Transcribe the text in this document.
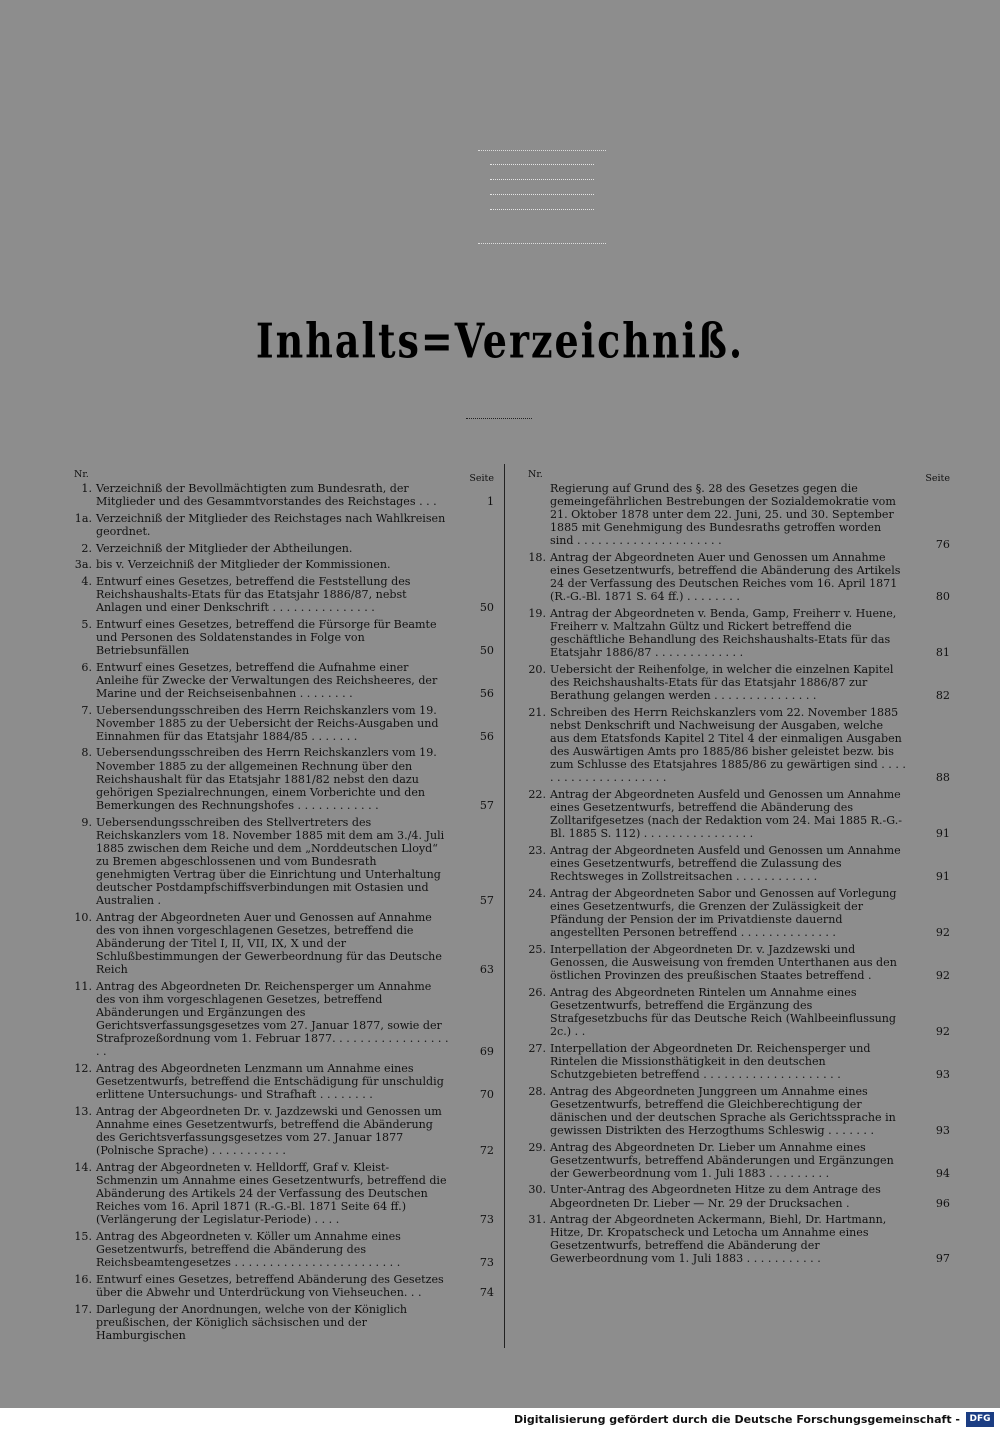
Inhalts=Verzeichniß.
Nr.	Seite
1. Verzeichniß der Bevollmächtigten zum Bundesrath, der Mitglieder und des Gesammtvorstandes des Reichstages . . .	1
1a. Verzeichniß der Mitglieder des Reichstages nach Wahlkreisen geordnet.
2. Verzeichniß der Mitglieder der Abtheilungen.
3a. bis v. Verzeichniß der Mitglieder der Kommissionen.
4. Entwurf eines Gesetzes, betreffend die Feststellung des Reichshaushalts-Etats für das Etatsjahr 1886/87, nebst Anlagen und einer Denkschrift . . . . . . . . . . . . . . .	50
5. Entwurf eines Gesetzes, betreffend die Fürsorge für Beamte und Personen des Soldatenstandes in Folge von Betriebsunfällen	50
6. Entwurf eines Gesetzes, betreffend die Aufnahme einer Anleihe für Zwecke der Verwaltungen des Reichsheeres, der Marine und der Reichseisenbahnen . . . . . . . .	56
7. Uebersendungsschreiben des Herrn Reichskanzlers vom 19. November 1885 zu der Uebersicht der Reichs-Ausgaben und Einnahmen für das Etatsjahr 1884/85 . . . . . . .	56
8. Uebersendungsschreiben des Herrn Reichskanzlers vom 19. November 1885 zu der allgemeinen Rechnung über den Reichshaushalt für das Etatsjahr 1881/82 nebst den dazu gehörigen Spezialrechnungen, einem Vorberichte und den Bemerkungen des Rechnungshofes . . . . . . . . . . . .	57
9. Uebersendungsschreiben des Stellvertreters des Reichskanzlers vom 18. November 1885 mit dem am 3./4. Juli 1885 zwischen dem Reiche und dem „Norddeutschen Lloyd“ zu Bremen abgeschlossenen und vom Bundesrath genehmigten Vertrag über die Einrichtung und Unterhaltung deutscher Postdampfschiffsverbindungen mit Ostasien und Australien .	57
10. Antrag der Abgeordneten Auer und Genossen auf Annahme des von ihnen vorgeschlagenen Gesetzes, betreffend die Abänderung der Titel I, II, VII, IX, X und der Schlußbestimmungen der Gewerbeordnung für das Deutsche Reich	63
11. Antrag des Abgeordneten Dr. Reichensperger um Annahme des von ihm vorgeschlagenen Gesetzes, betreffend Abänderungen und Ergänzungen des Gerichtsverfassungsgesetzes vom 27. Januar 1877, sowie der Strafprozeßordnung vom 1. Februar 1877. . . . . . . . . . . . . . . . . . .	69
12. Antrag des Abgeordneten Lenzmann um Annahme eines Gesetzentwurfs, betreffend die Entschädigung für unschuldig erlittene Untersuchungs- und Strafhaft . . . . . . . .	70
13. Antrag der Abgeordneten Dr. v. Jazdzewski und Genossen um Annahme eines Gesetzentwurfs, betreffend die Abänderung des Gerichtsverfassungsgesetzes vom 27. Januar 1877 (Polnische Sprache) . . . . . . . . . . .	72
14. Antrag der Abgeordneten v. Helldorff, Graf v. Kleist-Schmenzin um Annahme eines Gesetzentwurfs, betreffend die Abänderung des Artikels 24 der Verfassung des Deutschen Reiches vom 16. April 1871 (R.-G.-Bl. 1871 Seite 64 ff.) (Verlängerung der Legislatur-Periode) . . . .	73
15. Antrag des Abgeordneten v. Köller um Annahme eines Gesetzentwurfs, betreffend die Abänderung des Reichsbeamtengesetzes . . . . . . . . . . . . . . . . . . . . . . . .	73
16. Entwurf eines Gesetzes, betreffend Abänderung des Gesetzes über die Abwehr und Unterdrückung von Viehseuchen. . .	74
17. Darlegung der Anordnungen, welche von der Königlich preußischen, der Königlich sächsischen und der Hamburgischen
Nr.	Seite
Regierung auf Grund des §. 28 des Gesetzes gegen die gemeingefährlichen Bestrebungen der Sozialdemokratie vom 21. Oktober 1878 unter dem 22. Juni, 25. und 30. September 1885 mit Genehmigung des Bundesraths getroffen worden sind . . . . . . . . . . . . . . . . . . . . .	76
18. Antrag der Abgeordneten Auer und Genossen um Annahme eines Gesetzentwurfs, betreffend die Abänderung des Artikels 24 der Verfassung des Deutschen Reiches vom 16. April 1871 (R.-G.-Bl. 1871 S. 64 ff.) . . . . . . . .	80
19. Antrag der Abgeordneten v. Benda, Gamp, Freiherr v. Huene, Freiherr v. Maltzahn Gültz und Rickert betreffend die geschäftliche Behandlung des Reichshaushalts-Etats für das Etatsjahr 1886/87 . . . . . . . . . . . . .	81
20. Uebersicht der Reihenfolge, in welcher die einzelnen Kapitel des Reichshaushalts-Etats für das Etatsjahr 1886/87 zur Berathung gelangen werden . . . . . . . . . . . . . . .	82
21. Schreiben des Herrn Reichskanzlers vom 22. November 1885 nebst Denkschrift und Nachweisung der Ausgaben, welche aus dem Etatsfonds Kapitel 2 Titel 4 der einmaligen Ausgaben des Auswärtigen Amts pro 1885/86 bisher geleistet bezw. bis zum Schlusse des Etatsjahres 1885/86 zu gewärtigen sind . . . . . . . . . . . . . . . . . . . . .	88
22. Antrag der Abgeordneten Ausfeld und Genossen um Annahme eines Gesetzentwurfs, betreffend die Abänderung des Zolltarifgesetzes (nach der Redaktion vom 24. Mai 1885 R.-G.-Bl. 1885 S. 112) . . . . . . . . . . . . . . . .	91
23. Antrag der Abgeordneten Ausfeld und Genossen um Annahme eines Gesetzentwurfs, betreffend die Zulassung des Rechtsweges in Zollstreitsachen . . . . . . . . . . . .	91
24. Antrag der Abgeordneten Sabor und Genossen auf Vorlegung eines Gesetzentwurfs, die Grenzen der Zulässigkeit der Pfändung der Pension der im Privatdienste dauernd angestellten Personen betreffend . . . . . . . . . . . . . .	92
25. Interpellation der Abgeordneten Dr. v. Jazdzewski und Genossen, die Ausweisung von fremden Unterthanen aus den östlichen Provinzen des preußischen Staates betreffend .	92
26. Antrag des Abgeordneten Rintelen um Annahme eines Gesetzentwurfs, betreffend die Ergänzung des Strafgesetzbuchs für das Deutsche Reich (Wahlbeeinflussung 2c.) . .	92
27. Interpellation der Abgeordneten Dr. Reichensperger und Rintelen die Missionsthätigkeit in den deutschen Schutzgebieten betreffend . . . . . . . . . . . . . . . . . . . .	93
28. Antrag des Abgeordneten Junggreen um Annahme eines Gesetzentwurfs, betreffend die Gleichberechtigung der dänischen und der deutschen Sprache als Gerichtssprache in gewissen Distrikten des Herzogthums Schleswig . . . . . . .	93
29. Antrag des Abgeordneten Dr. Lieber um Annahme eines Gesetzentwurfs, betreffend Abänderungen und Ergänzungen der Gewerbeordnung vom 1. Juli 1883 . . . . . . . . .	94
30. Unter-Antrag des Abgeordneten Hitze zu dem Antrage des Abgeordneten Dr. Lieber — Nr. 29 der Drucksachen .	96
31. Antrag der Abgeordneten Ackermann, Biehl, Dr. Hartmann, Hitze, Dr. Kropatscheck und Letocha um Annahme eines Gesetzentwurfs, betreffend die Abänderung der Gewerbeordnung vom 1. Juli 1883 . . . . . . . . . . .	97
Digitalisierung gefördert durch die Deutsche Forschungsgemeinschaft -	DFG
